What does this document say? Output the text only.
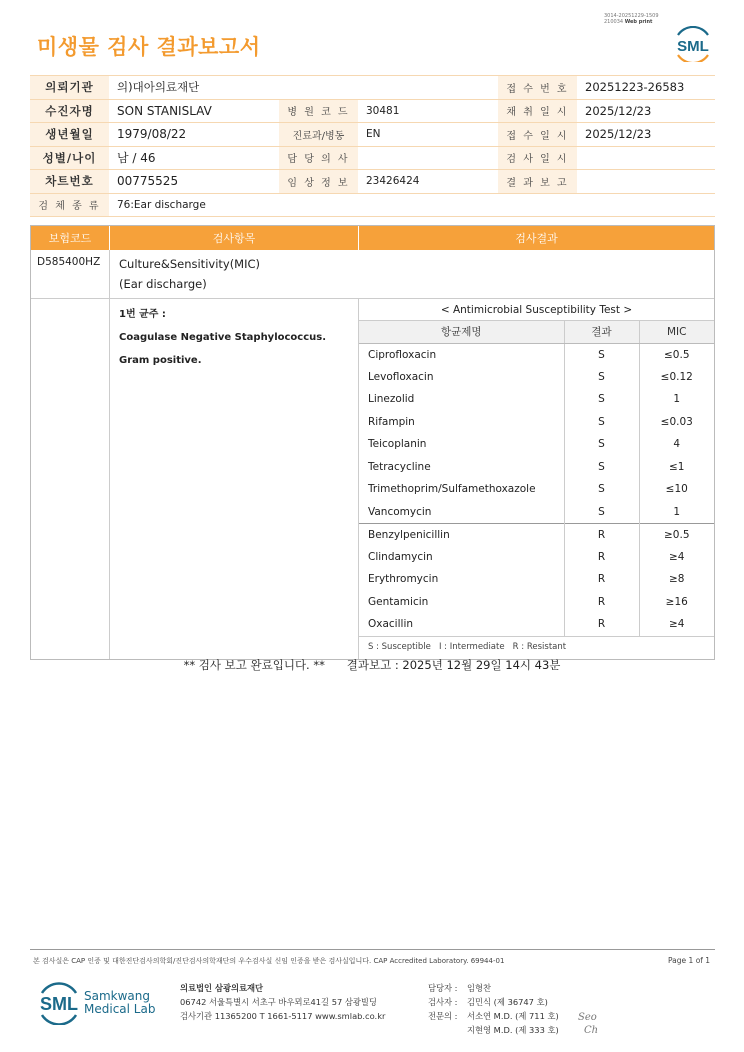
3014-20251229-1509
210034 Web print
미생물 검사 결과보고서	SML
의뢰기관	의)대아의료재단			접 수 번 호	20251223-26583
수진자명	SON STANISLAV	병 원 코 드	30481	채 취 일 시	2025/12/23
생년월일	1979/08/22	진료과/병동	EN	접 수 일 시	2025/12/23
성별/나이	남 / 46	담 당 의 사		검 사 일 시	
차트번호	00775525	임 상 정 보	23426424	결 과 보 고	
검 체 종 류	76:Ear discharge				
보험코드	검사항목	검사결과
D585400HZ	Culture&Sensitivity(MIC)
(Ear discharge)
1번 균주 :
Coagulase Negative Staphylococcus.
Gram positive.
< Antimicrobial Susceptibility Test >
항균제명	결과	MIC
Ciprofloxacin	S	≤0.5
Levofloxacin	S	≤0.12
Linezolid	S	1
Rifampin	S	≤0.03
Teicoplanin	S	4
Tetracycline	S	≤1
Trimethoprim/Sulfamethoxazole	S	≤10
Vancomycin	S	1
Benzylpenicillin	R	≥0.5
Clindamycin	R	≥4
Erythromycin	R	≥8
Gentamicin	R	≥16
Oxacillin	R	≥4
S : Susceptible   I : Intermediate   R : Resistant
** 검사 보고 완료입니다. **      결과보고 : 2025년 12월 29일 14시 43분
본 검사실은 CAP 인증 및 대한진단검사의학회/진단검사의학재단의 우수검사실 신임 인증을 받은 검사실입니다. CAP Accredited Laboratory. 69944-01	Page 1 of 1
SML Samkwang
Medical Lab
의료법인 삼광의료재단
06742 서울특별시 서초구 바우뫼로41길 57 삼광빌딩
검사기관 11365200 T 1661-5117 www.smlab.co.kr
담당자 :	임형찬
검사자 :	김민식 (제 36747 호)
전문의 :	서소연 M.D. (제 711 호)
지현영 M.D. (제 333 호)
Seo
Ch
